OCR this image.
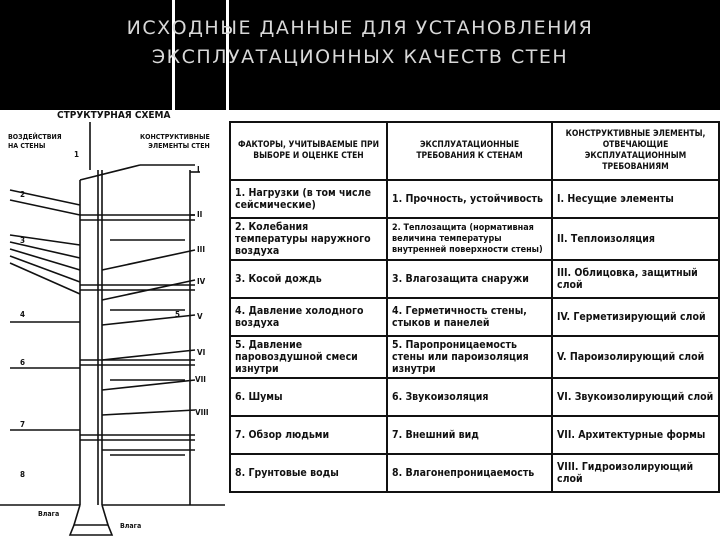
ИСХОДНЫЕ ДАННЫЕ ДЛЯ УСТАНОВЛЕНИЯ
ЭКСПЛУАТАЦИОННЫХ КАЧЕСТВ СТЕН
СТРУКТУРНАЯ СХЕМА
ВОЗДЕЙСТВИЯ
НА СТЕНЫ
КОНСТРУКТИВНЫЕ
ЭЛЕМЕНТЫ СТЕН
1
2
3
4	5
6
7
8
I
II
III
IV
V
VI
VII
VIII
Влага
Влага
ФАКТОРЫ, УЧИТЫВАЕМЫЕ ПРИ ВЫБОРЕ И ОЦЕНКЕ СТЕН	ЭКСПЛУАТАЦИОННЫЕ ТРЕБОВАНИЯ К СТЕНАМ	КОНСТРУКТИВНЫЕ ЭЛЕМЕНТЫ, ОТВЕЧАЮЩИЕ ЭКСПЛУАТАЦИОННЫМ ТРЕБОВАНИЯМ
1. Нагрузки (в том числе сейсмические)	1. Прочность, устойчивость	I. Несущие элементы
2. Колебания температуры наружного воздуха	2. Теплозащита (нормативная величина температуры внутренней поверхности стены)	II. Теплоизоляция
3. Косой дождь	3. Влагозащита снаружи	III. Облицовка, защитный слой
4. Давление холодного воздуха	4. Герметичность стены, стыков и панелей	IV. Герметизирующий слой
5. Давление паровоздушной смеси изнутри	5. Паропроницаемость стены или пароизоляция изнутри	V. Пароизолирующий слой
6. Шумы	6. Звукоизоляция	VI. Звукоизолирующий слой
7. Обзор людьми	7. Внешний вид	VII. Архитектурные формы
8. Грунтовые воды	8. Влагонепроницаемость	VIII. Гидроизолирующий слой
